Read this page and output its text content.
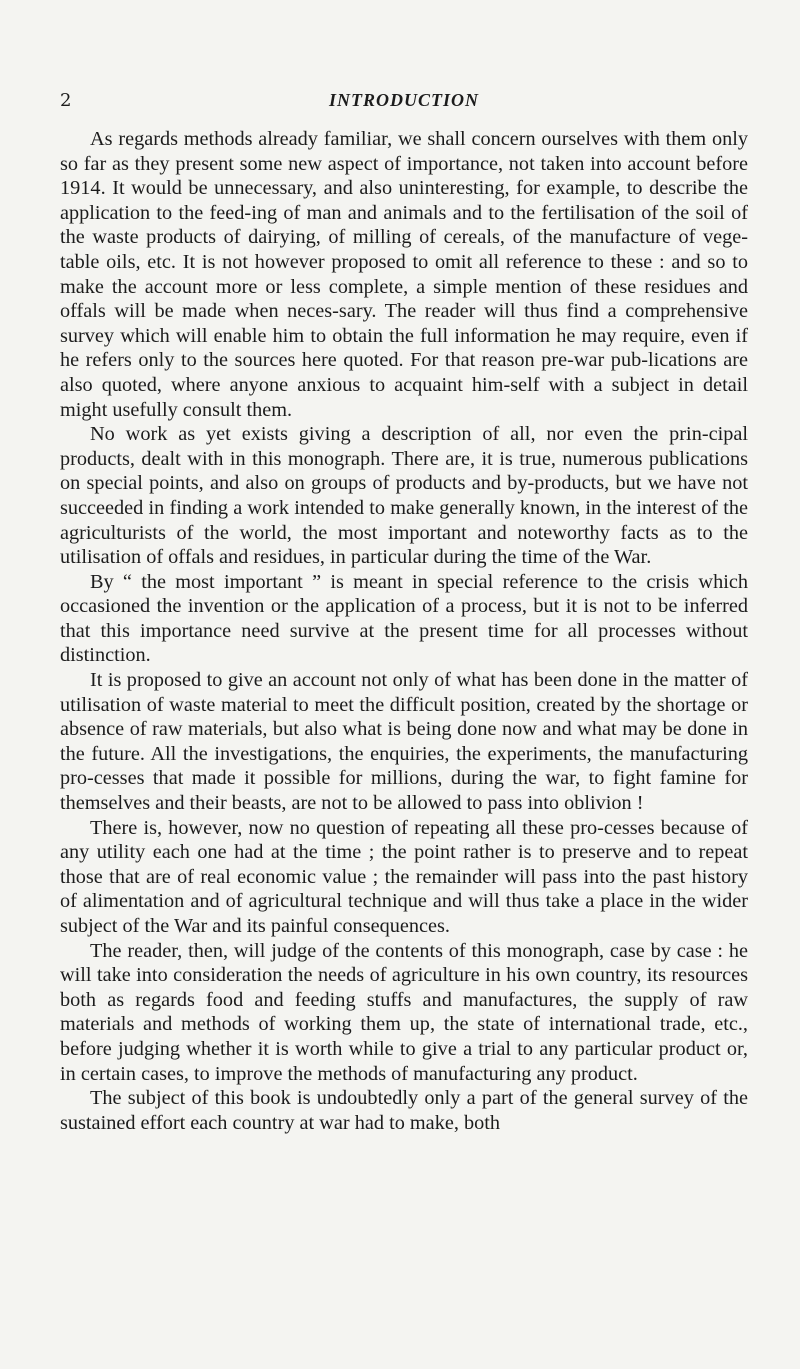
2	INTRODUCTION

As regards methods already familiar, we shall concern ourselves with them only so far as they present some new aspect of importance, not taken into account before 1914. It would be unnecessary, and also uninteresting, for example, to describe the application to the feed-ing of man and animals and to the fertilisation of the soil of the waste products of dairying, of milling of cereals, of the manufacture of vege-table oils, etc. It is not however proposed to omit all reference to these : and so to make the account more or less complete, a simple mention of these residues and offals will be made when neces-sary. The reader will thus find a comprehensive survey which will enable him to obtain the full information he may require, even if he refers only to the sources here quoted. For that reason pre-war pub-lications are also quoted, where anyone anxious to acquaint him-self with a subject in detail might usefully consult them.

No work as yet exists giving a description of all, nor even the prin-cipal products, dealt with in this monograph. There are, it is true, numerous publications on special points, and also on groups of products and by-products, but we have not succeeded in finding a work intended to make generally known, in the interest of the agriculturists of the world, the most important and noteworthy facts as to the utilisation of offals and residues, in particular during the time of the War.

By “ the most important ” is meant in special reference to the crisis which occasioned the invention or the application of a process, but it is not to be inferred that this importance need survive at the present time for all processes without distinction.

It is proposed to give an account not only of what has been done in the matter of utilisation of waste material to meet the difficult position, created by the shortage or absence of raw materials, but also what is being done now and what may be done in the future. All the investigations, the enquiries, the experiments, the manufacturing pro-cesses that made it possible for millions, during the war, to fight famine for themselves and their beasts, are not to be allowed to pass into oblivion !

There is, however, now no question of repeating all these pro-cesses because of any utility each one had at the time ; the point rather is to preserve and to repeat those that are of real economic value ; the remainder will pass into the past history of alimentation and of agricultural technique and will thus take a place in the wider subject of the War and its painful consequences.

The reader, then, will judge of the contents of this monograph, case by case : he will take into consideration the needs of agriculture in his own country, its resources both as regards food and feeding stuffs and manufactures, the supply of raw materials and methods of working them up, the state of international trade, etc., before judging whether it is worth while to give a trial to any particular product or, in certain cases, to improve the methods of manufacturing any product.

The subject of this book is undoubtedly only a part of the general survey of the sustained effort each country at war had to make, both
